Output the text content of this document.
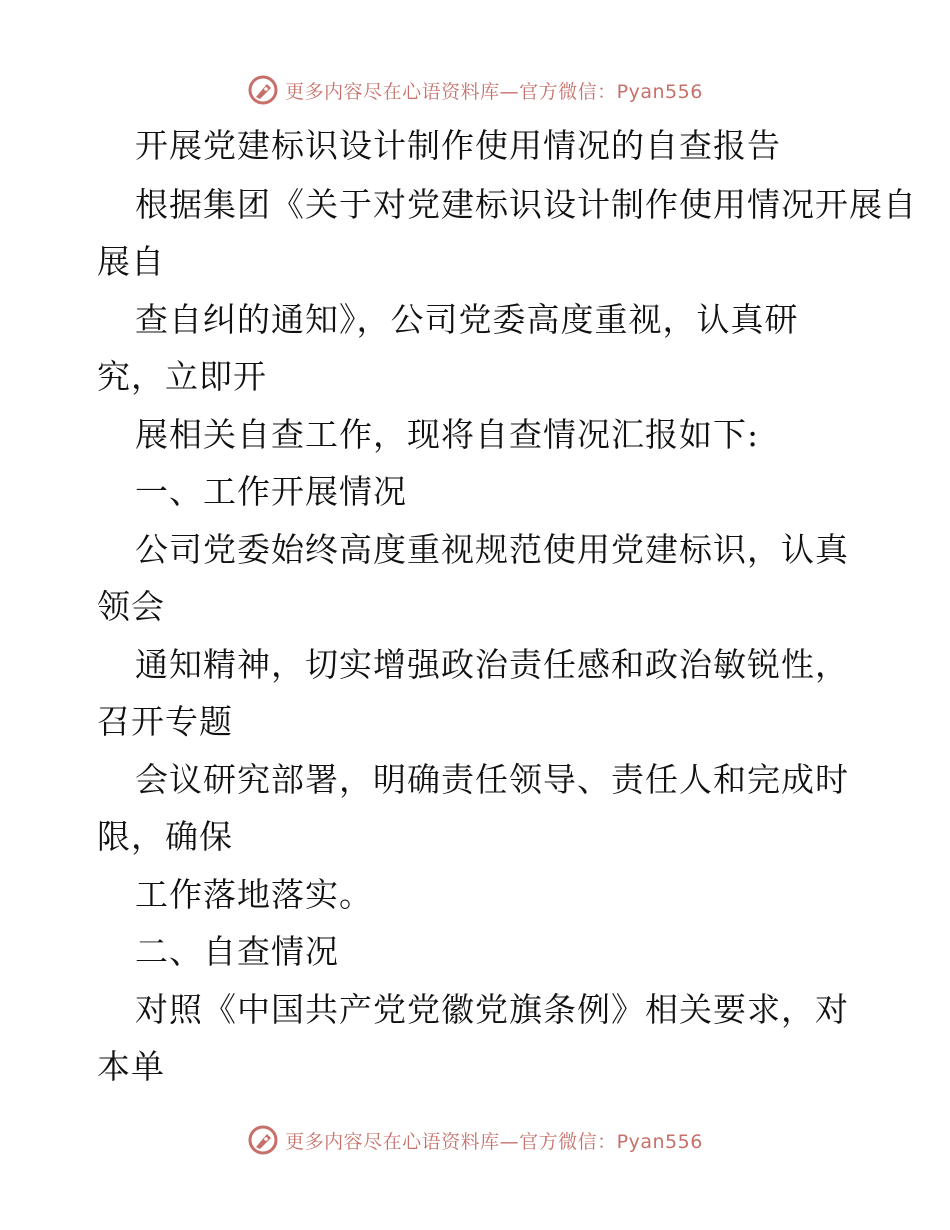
更多内容尽在心语资料库—官方微信：Pyan556
开展党建标识设计制作使用情况的自查报告
根据集团《关于对党建标识设计制作使用情况开展自
展自
查自纠的通知》，公司党委高度重视，认真研
究，立即开
展相关自查工作，现将自查情况汇报如下:
一、工作开展情况
公司党委始终高度重视规范使用党建标识，认真
领会
通知精神，切实增强政治责任感和政治敏锐性，
召开专题
会议研究部署，明确责任领导、责任人和完成时
限，确保
工作落地落实。
二、自查情况
对照《中国共产党党徽党旗条例》相关要求，对
本单
更多内容尽在心语资料库—官方微信：Pyan556
